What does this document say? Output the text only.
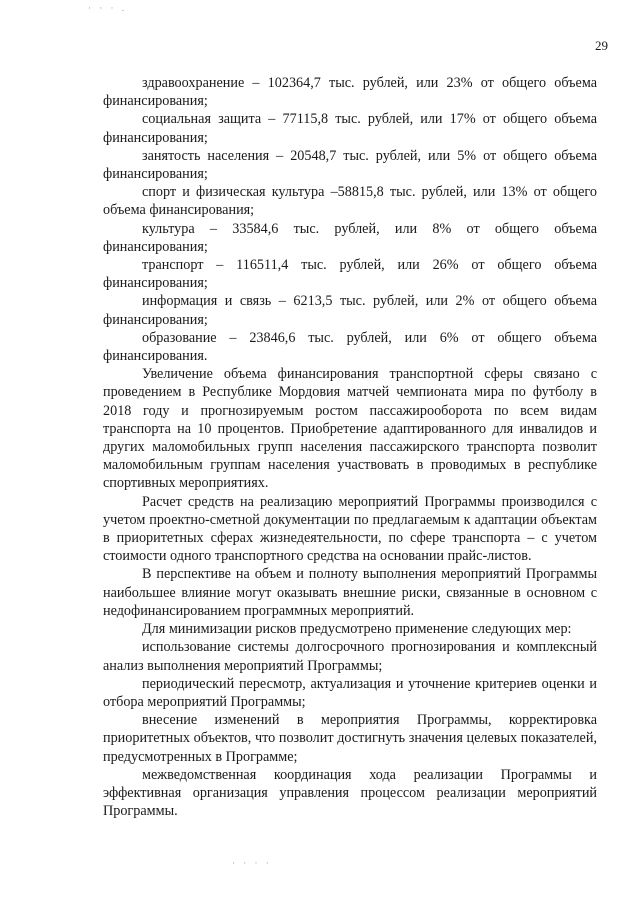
29
· · · .
· · · ·

здравоохранение – 102364,7 тыс. рублей, или 23% от общего объема финансирования;

социальная защита – 77115,8 тыс. рублей, или 17% от общего объема финансирования;

занятость населения – 20548,7 тыс. рублей, или 5% от общего объема финансирования;

спорт и физическая культура –58815,8 тыс. рублей, или 13% от общего объема финансирования;

культура – 33584,6 тыс. рублей, или 8% от общего объема финансирования;

транспорт – 116511,4 тыс. рублей, или 26% от общего объема финансирования;

информация и связь – 6213,5 тыс. рублей, или 2% от общего объема финансирования;

образование – 23846,6 тыс. рублей, или 6% от общего объема финансирования.

Увеличение объема финансирования транспортной сферы связано с проведением в Республике Мордовия матчей чемпионата мира по футболу в 2018 году и прогнозируемым ростом пассажирооборота по всем видам транспорта на 10 процентов. Приобретение адаптированного для инвалидов и других маломобильных групп населения пассажирского транспорта позволит маломобильным группам населения участвовать в проводимых в республике спортивных мероприятиях.

Расчет средств на реализацию мероприятий Программы производился с учетом проектно-сметной документации по предлагаемым к адаптации объектам в приоритетных сферах жизнедеятельности, по сфере транспорта – с учетом стоимости одного транспортного средства на основании прайс-листов.

В перспективе на объем и полноту выполнения мероприятий Программы наибольшее влияние могут оказывать внешние риски, связанные в основном с недофинансированием программных мероприятий.

Для минимизации рисков предусмотрено применение следующих мер:

использование системы долгосрочного прогнозирования и комплексный анализ выполнения мероприятий Программы;

периодический пересмотр, актуализация и уточнение критериев оценки и отбора мероприятий Программы;

внесение изменений в мероприятия Программы, корректировка приоритетных объектов, что позволит достигнуть значения целевых показателей, предусмотренных в Программе;

межведомственная координация хода реализации Программы и эффективная организация управления процессом реализации мероприятий Программы.
